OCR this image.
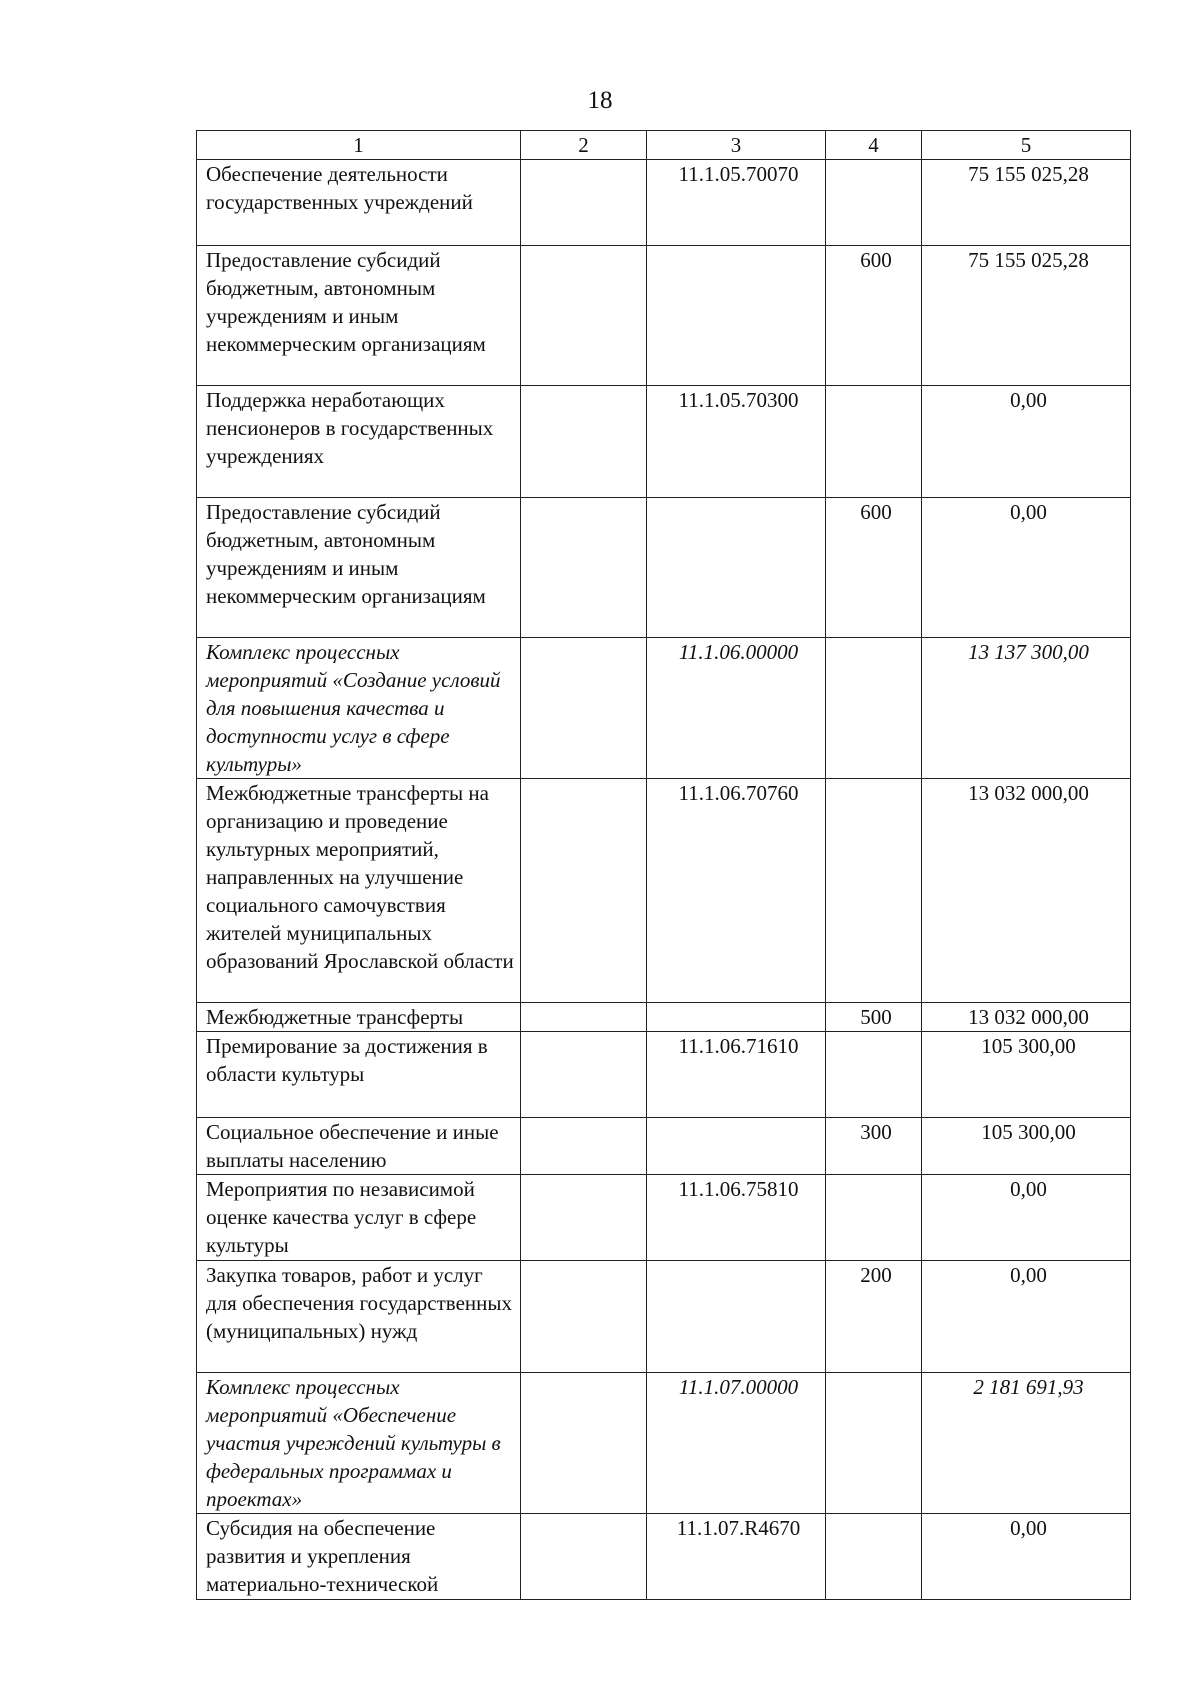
18
1	2	3	4	5
Обеспечение деятельности государственных учреждений		11.1.05.70070		75 155 025,28
Предоставление субсидий бюджетным, автономным учреждениям и иным некоммерческим организациям			600	75 155 025,28
Поддержка неработающих пенсионеров в государственных учреждениях		11.1.05.70300		0,00
Предоставление субсидий бюджетным, автономным учреждениям и иным некоммерческим организациям			600	0,00
Комплекс процессных мероприятий «Создание условий для повышения качества и доступности услуг в сфере культуры»		11.1.06.00000		13 137 300,00
Межбюджетные трансферты на организацию и проведение культурных мероприятий, направленных на улучшение социального самочувствия жителей муниципальных образований Ярославской области		11.1.06.70760		13 032 000,00
Межбюджетные трансферты			500	13 032 000,00
Премирование за достижения в области культуры		11.1.06.71610		105 300,00
Социальное обеспечение и иные выплаты населению			300	105 300,00
Мероприятия по независимой оценке качества услуг в сфере культуры		11.1.06.75810		0,00
Закупка товаров, работ и услуг для обеспечения государственных (муниципальных) нужд			200	0,00
Комплекс процессных мероприятий «Обеспечение участия учреждений культуры в федеральных программах и проектах»		11.1.07.00000		2 181 691,93
Субсидия на обеспечение развития и укрепления материально-технической		11.1.07.R4670		0,00
